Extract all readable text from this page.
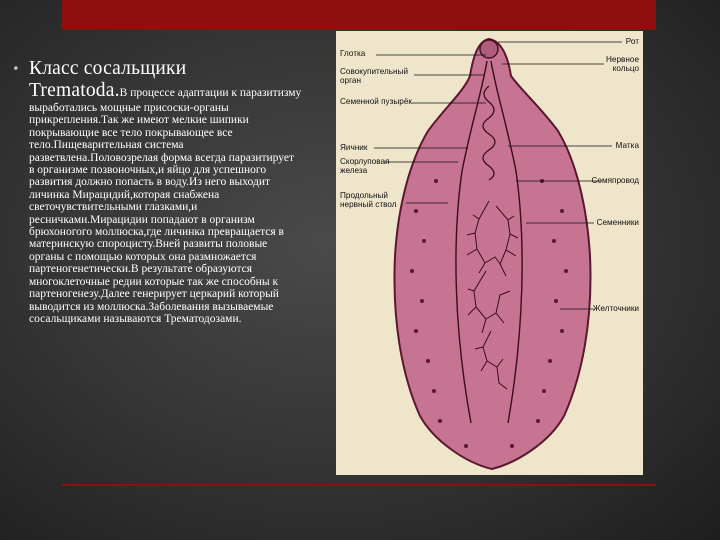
• Класс сосальщики
Trematoda.В процессе адаптации к паразитизму выработались мощные присоски-органы прикрепления.Так же имеют мелкие шипики покрывающие все тело покрывающее все тело.Пищеварительная система разветвлена.Половозрелая форма всегда паразитирует в организме позвоночных,и яйцо для успешного развития должно попасть в воду.Из него выходит личинка Мирацидий,которая снабжена светочувствительными глазками,и ресничками.Мирацидии попадают в организм брюхоногого моллюска,где личинка превращается в материнскую спороцисту.Вней развиты половые органы с помощью которых она размножается партеногенетически.В результате образуются многоклеточные редии которые так же способны к партеногенезу.Далее генерирует церкарий который выводится из моллюска.Заболевания вызываемые сосальщиками называются Трематодозами.

Глотка
Совокупительный орган
Семенной пузырёк
Яичник
Скорлуповая железа
Продольный нервный ствол
Рот
Нервное кольцо
Матка
Семяпровод
Семенники
Желточники
